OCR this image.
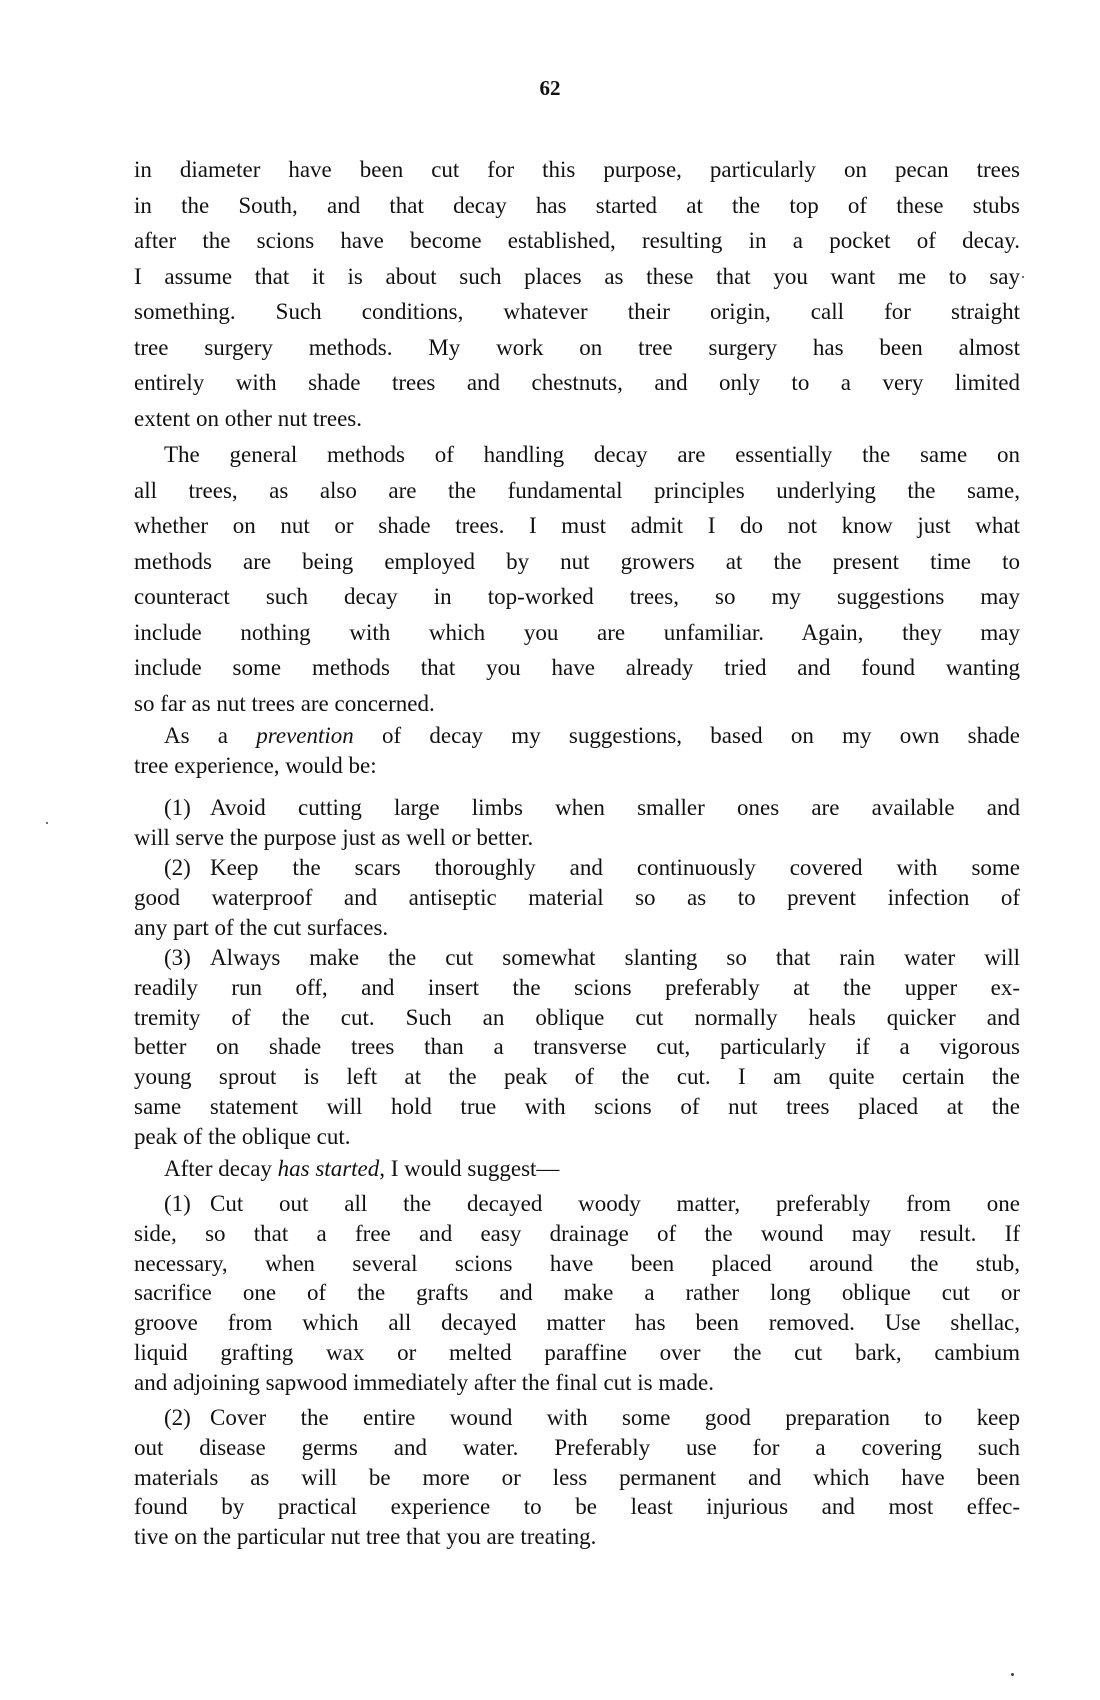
62
in diameter have been cut for this purpose, particularly on pecan trees
in the South, and that decay has started at the top of these stubs
after the scions have become established, resulting in a pocket of decay.
I assume that it is about such places as these that you want me to say
something. Such conditions, whatever their origin, call for straight
tree surgery methods. My work on tree surgery has been almost
entirely with shade trees and chestnuts, and only to a very limited
extent on other nut trees.
The general methods of handling decay are essentially the same on
all trees, as also are the fundamental principles underlying the same,
whether on nut or shade trees. I must admit I do not know just what
methods are being employed by nut growers at the present time to
counteract such decay in top-worked trees, so my suggestions may
include nothing with which you are unfamiliar. Again, they may
include some methods that you have already tried and found wanting
so far as nut trees are concerned.
As a prevention of decay my suggestions, based on my own shade
tree experience, would be:
(1) Avoid cutting large limbs when smaller ones are available and
will serve the purpose just as well or better.
(2) Keep the scars thoroughly and continuously covered with some
good waterproof and antiseptic material so as to prevent infection of
any part of the cut surfaces.
(3) Always make the cut somewhat slanting so that rain water will
readily run off, and insert the scions preferably at the upper ex-
tremity of the cut. Such an oblique cut normally heals quicker and
better on shade trees than a transverse cut, particularly if a vigorous
young sprout is left at the peak of the cut. I am quite certain the
same statement will hold true with scions of nut trees placed at the
peak of the oblique cut.
After decay has started, I would suggest—
(1) Cut out all the decayed woody matter, preferably from one
side, so that a free and easy drainage of the wound may result. If
necessary, when several scions have been placed around the stub,
sacrifice one of the grafts and make a rather long oblique cut or
groove from which all decayed matter has been removed. Use shellac,
liquid grafting wax or melted paraffine over the cut bark, cambium
and adjoining sapwood immediately after the final cut is made.
(2) Cover the entire wound with some good preparation to keep
out disease germs and water. Preferably use for a covering such
materials as will be more or less permanent and which have been
found by practical experience to be least injurious and most effec-
tive on the particular nut tree that you are treating.
